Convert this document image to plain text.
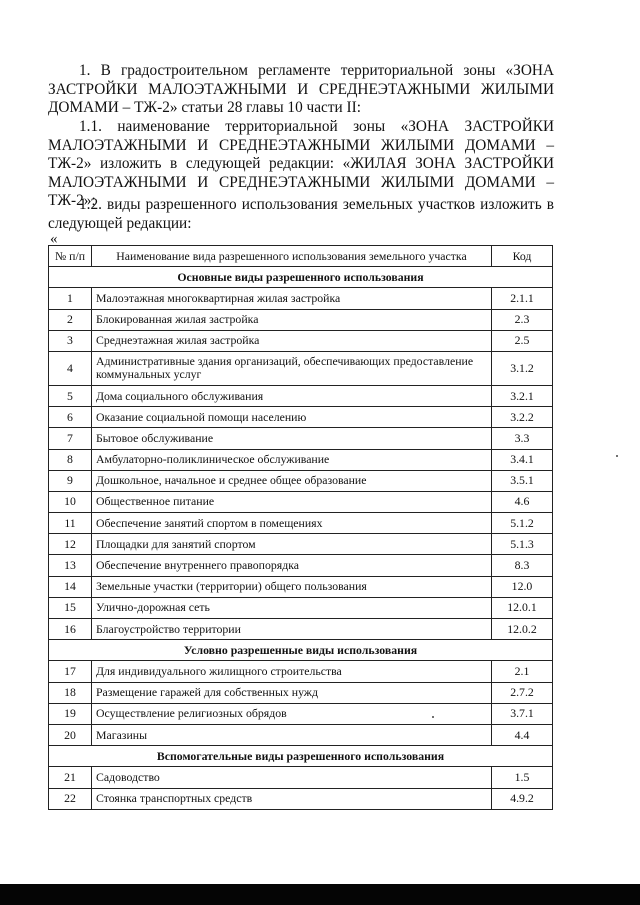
1. В градостроительном регламенте территориальной зоны «ЗОНА ЗАСТРОЙКИ МАЛОЭТАЖНЫМИ И СРЕДНЕЭТАЖНЫМИ ЖИЛЫМИ ДОМАМИ – ТЖ-2» статьи 28 главы 10 части II:
1.1. наименование территориальной зоны «ЗОНА ЗАСТРОЙКИ МАЛОЭТАЖНЫМИ И СРЕДНЕЭТАЖНЫМИ ЖИЛЫМИ ДОМАМИ – ТЖ-2» изложить в следующей редакции: «ЖИЛАЯ ЗОНА ЗАСТРОЙКИ МАЛОЭТАЖНЫМИ И СРЕДНЕЭТАЖНЫМИ ЖИЛЫМИ ДОМАМИ – ТЖ-2»;
1.2. виды разрешенного использования земельных участков изложить в следующей редакции:
«
№ п/п	Наименование вида разрешенного использования земельного участка	Код
Основные виды разрешенного использования		
1	Малоэтажная многоквартирная жилая застройка	2.1.1
2	Блокированная жилая застройка	2.3
3	Среднеэтажная жилая застройка	2.5
4	Административные здания организаций, обеспечивающих предоставление коммунальных услуг	3.1.2
5	Дома социального обслуживания	3.2.1
6	Оказание социальной помощи населению	3.2.2
7	Бытовое обслуживание	3.3
8	Амбулаторно-поликлиническое обслуживание	3.4.1
9	Дошкольное, начальное и среднее общее образование	3.5.1
10	Общественное питание	4.6
11	Обеспечение занятий спортом в помещениях	5.1.2
12	Площадки для занятий спортом	5.1.3
13	Обеспечение внутреннего правопорядка	8.3
14	Земельные участки (территории) общего пользования	12.0
15	Улично-дорожная сеть	12.0.1
16	Благоустройство территории	12.0.2
Условно разрешенные виды использования		
17	Для индивидуального жилищного строительства	2.1
18	Размещение гаражей для собственных нужд	2.7.2
19	Осуществление религиозных обрядов	3.7.1
20	Магазины	4.4
Вспомогательные виды разрешенного использования		
21	Садоводство	1.5
22	Стоянка транспортных средств	4.9.2
